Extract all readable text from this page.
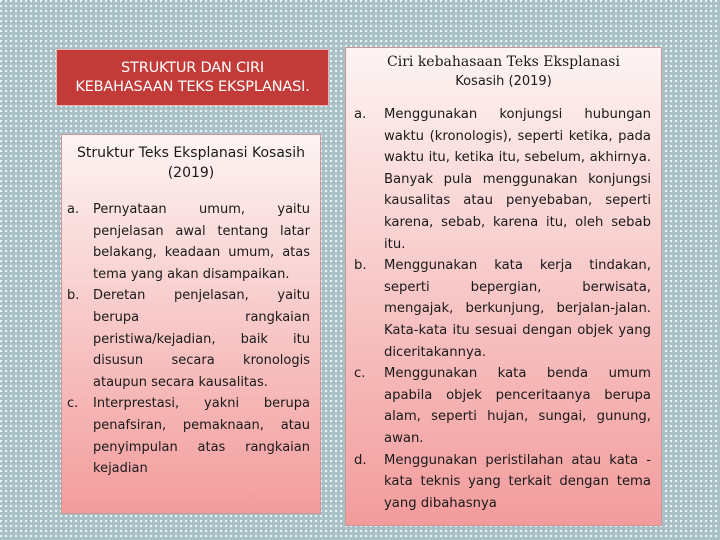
STRUKTUR DAN CIRI
KEBAHASAAN TEKS EKSPLANASI.
Struktur Teks Eksplanasi Kosasih
(2019)
a.	Pernyataan umum, yaitu penjelasan awal tentang latar belakang, keadaan umum, atas tema yang akan disampaikan.
b.	Deretan penjelasan, yaitu berupa rangkaian peristiwa/kejadian, baik itu disusun secara kronologis ataupun secara kausalitas.
c.	Interprestasi, yakni berupa penafsiran, pemaknaan, atau penyimpulan atas rangkaian kejadian
Ciri kebahasaan Teks Eksplanasi
Kosasih (2019)
a.	Menggunakan konjungsi hubungan waktu (kronologis), seperti ketika, pada waktu itu, ketika itu, sebelum, akhirnya. Banyak pula menggunakan konjungsi kausalitas atau penyebaban, seperti karena, sebab, karena itu, oleh sebab itu.
b.	Menggunakan kata kerja tindakan, seperti bepergian, berwisata, mengajak, berkunjung, berjalan-jalan. Kata-kata itu sesuai dengan objek yang diceritakannya.
c.	Menggunakan kata benda umum apabila objek penceritaanya berupa alam, seperti hujan, sungai, gunung, awan.
d.	Menggunakan peristilahan atau kata -kata teknis yang terkait dengan tema yang dibahasnya
